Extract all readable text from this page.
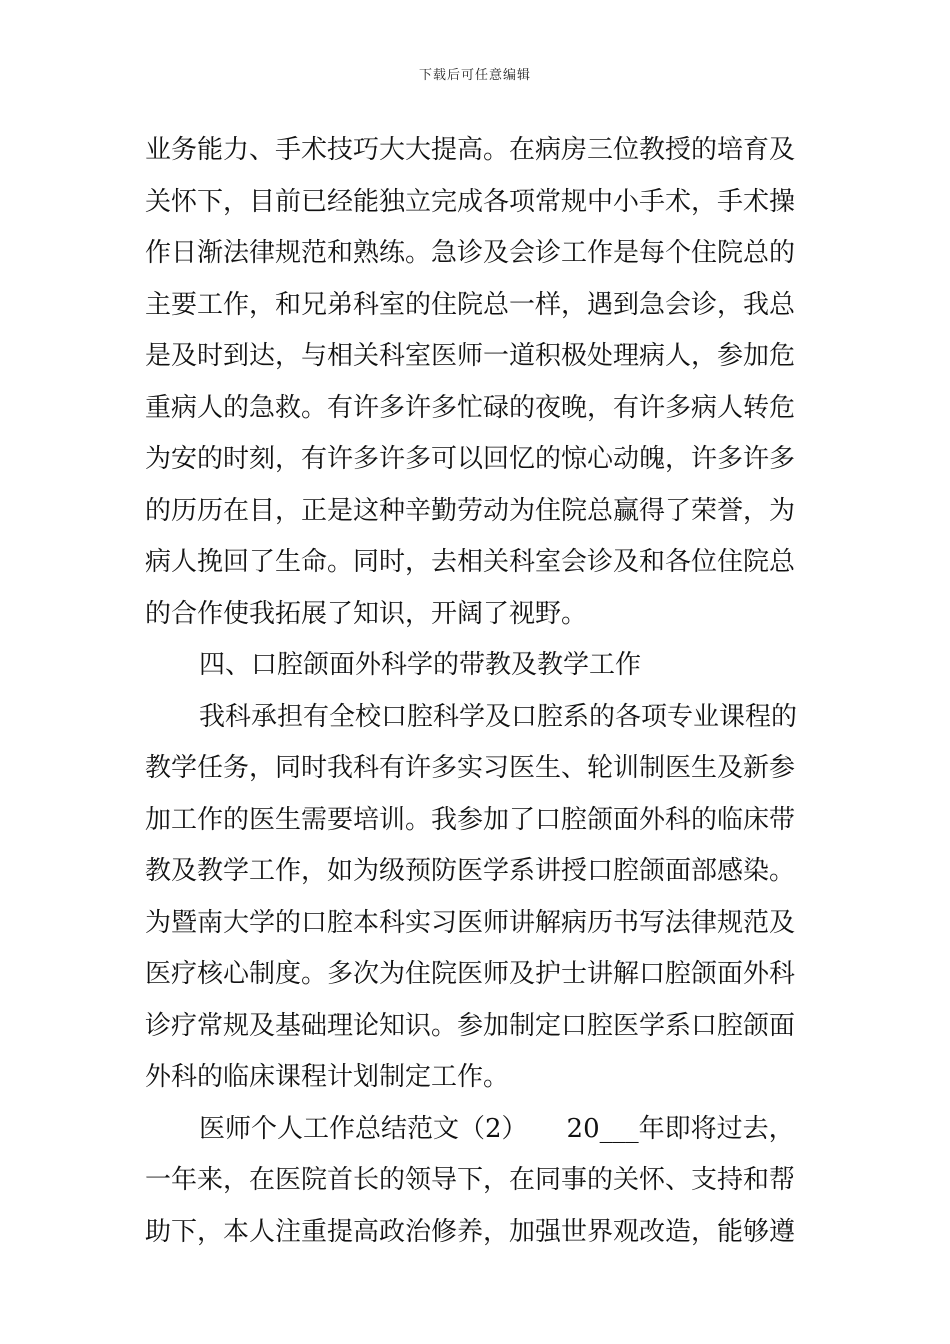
下载后可任意编辑
业务能力、手术技巧大大提高。在病房三位教授的培育及
关怀下，目前已经能独立完成各项常规中小手术，手术操
作日渐法律规范和熟练。急诊及会诊工作是每个住院总的
主要工作，和兄弟科室的住院总一样，遇到急会诊，我总
是及时到达，与相关科室医师一道积极处理病人，参加危
重病人的急救。有许多许多忙碌的夜晚，有许多病人转危
为安的时刻，有许多许多可以回忆的惊心动魄，许多许多
的历历在目，正是这种辛勤劳动为住院总赢得了荣誉，为
病人挽回了生命。同时，去相关科室会诊及和各位住院总
的合作使我拓展了知识，开阔了视野。
四、口腔颌面外科学的带教及教学工作
我科承担有全校口腔科学及口腔系的各项专业课程的
教学任务，同时我科有许多实习医生、轮训制医生及新参
加工作的医生需要培训。我参加了口腔颌面外科的临床带
教及教学工作，如为级预防医学系讲授口腔颌面部感染。
为暨南大学的口腔本科实习医师讲解病历书写法律规范及
医疗核心制度。多次为住院医师及护士讲解口腔颌面外科
诊疗常规及基础理论知识。参加制定口腔医学系口腔颌面
外科的临床课程计划制定工作。
医师个人工作总结范文（2）　　20___年即将过去，
一年来，在医院首长的领导下，在同事的关怀、支持和帮
助下，本人注重提高政治修养，加强世界观改造，能够遵
